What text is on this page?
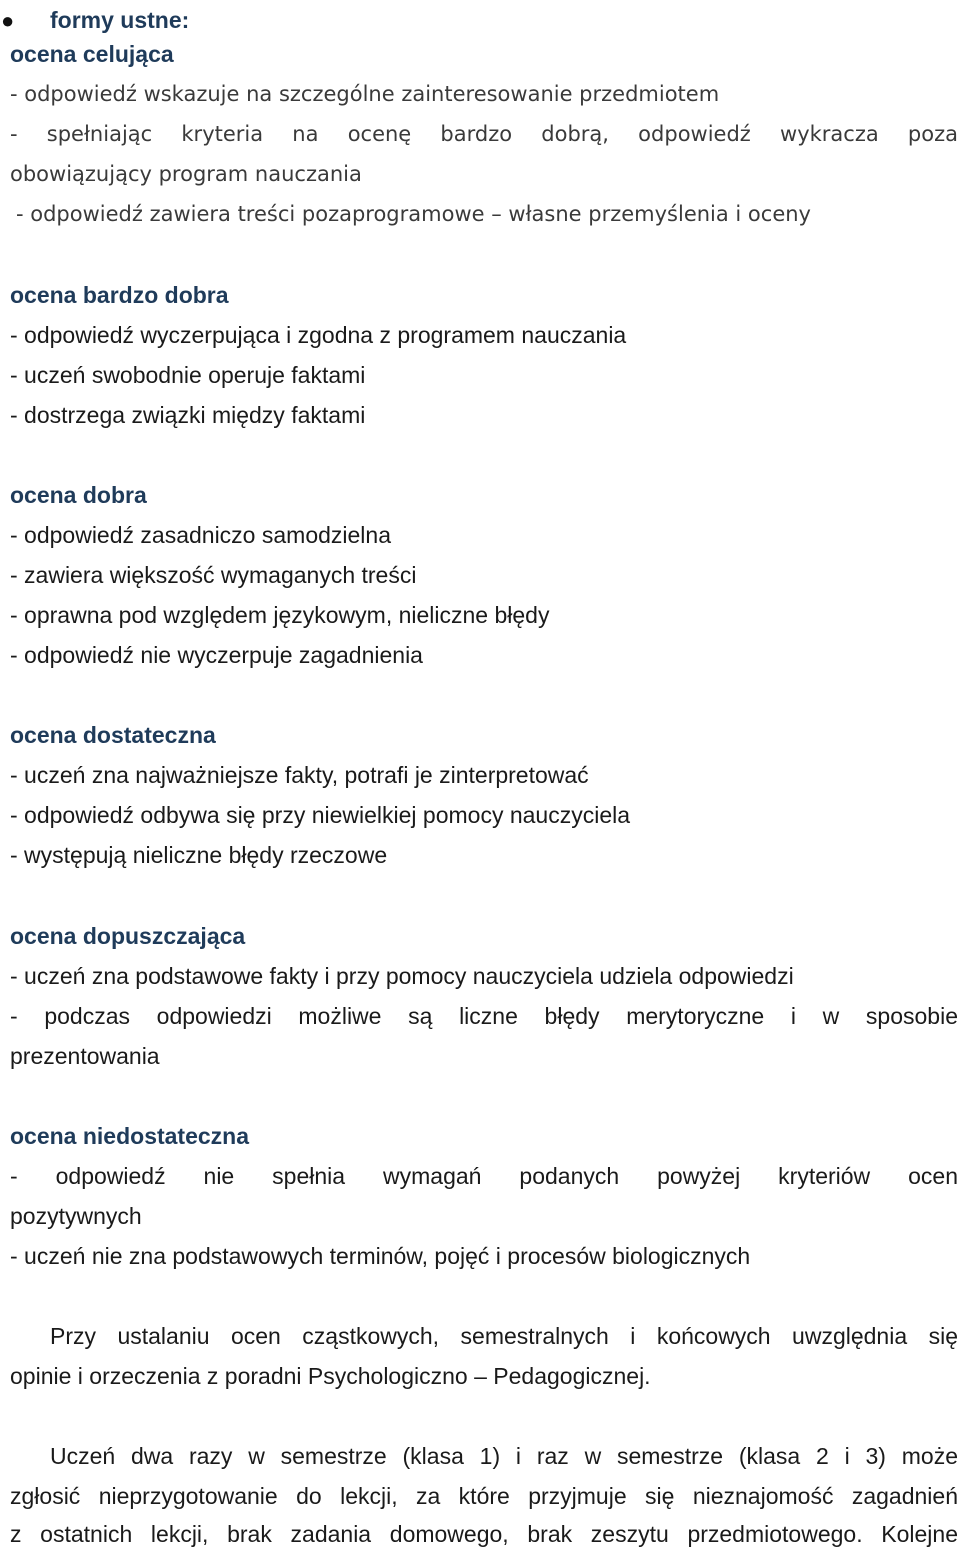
● formy ustne:
ocena celująca
- odpowiedź wskazuje na szczególne zainteresowanie przedmiotem
- spełniając kryteria na ocenę bardzo dobrą, odpowiedź wykracza poza
obowiązujący program nauczania
- odpowiedź zawiera treści pozaprogramowe – własne przemyślenia i oceny
ocena bardzo dobra
- odpowiedź wyczerpująca i zgodna z programem nauczania
- uczeń swobodnie operuje faktami
- dostrzega związki między faktami
ocena dobra
- odpowiedź zasadniczo samodzielna
- zawiera większość wymaganych treści
- oprawna pod względem językowym, nieliczne błędy
- odpowiedź nie wyczerpuje zagadnienia
ocena dostateczna
- uczeń zna najważniejsze fakty, potrafi je zinterpretować
- odpowiedź odbywa się przy niewielkiej pomocy nauczyciela
- występują nieliczne błędy rzeczowe
ocena dopuszczająca
- uczeń zna podstawowe fakty i przy pomocy nauczyciela udziela odpowiedzi
- podczas odpowiedzi możliwe są liczne błędy merytoryczne i w sposobie
prezentowania
ocena niedostateczna
- odpowiedź nie spełnia wymagań podanych powyżej kryteriów ocen
pozytywnych
- uczeń nie zna podstawowych terminów, pojęć i procesów biologicznych
Przy ustalaniu ocen cząstkowych, semestralnych i końcowych uwzględnia się
opinie i orzeczenia z poradni Psychologiczno – Pedagogicznej.
Uczeń dwa razy w semestrze (klasa 1) i raz w semestrze (klasa 2 i 3) może
zgłosić nieprzygotowanie do lekcji, za które przyjmuje się nieznajomość zagadnień
z ostatnich lekcji, brak zadania domowego, brak zeszytu przedmiotowego. Kolejne
